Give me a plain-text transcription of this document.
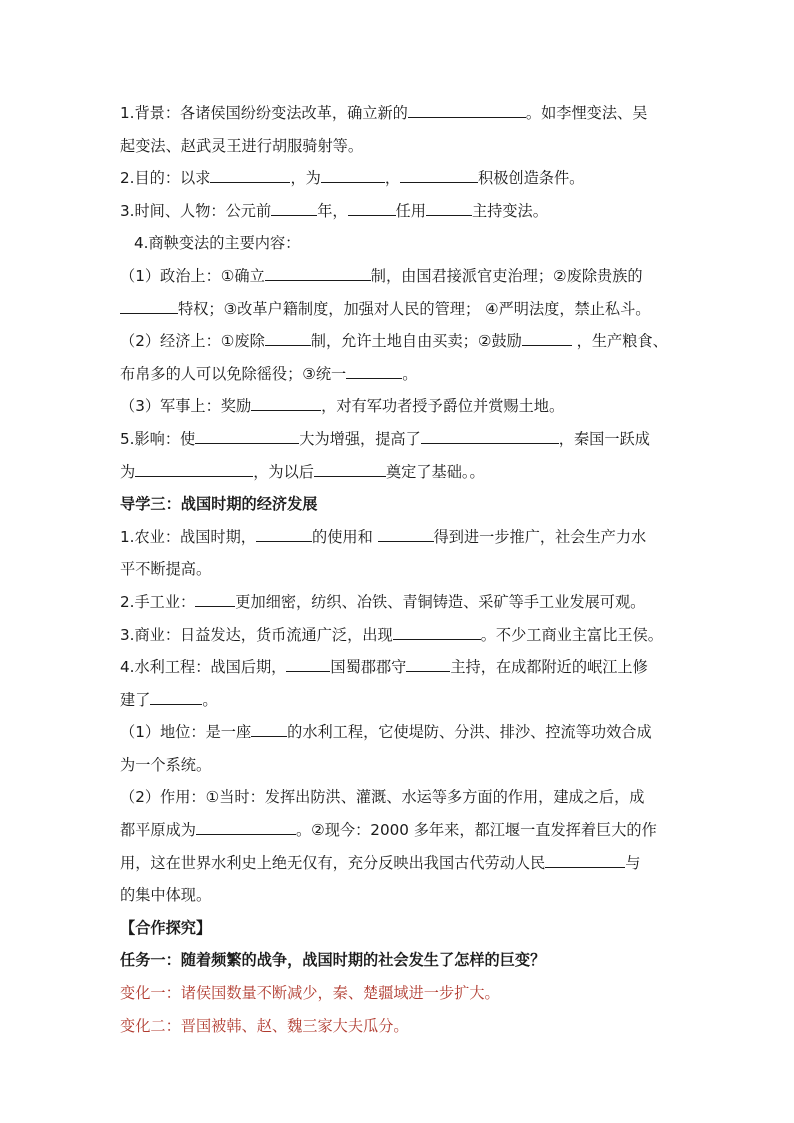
1.背景：各诸侯国纷纷变法改革，确立新的	。如李悝变法、吴
起变法、赵武灵王进行胡服骑射等。
2.目的：以求	，为	，	积极创造条件。
3.时间、人物：公元前	年，	任用	主持变法。
4.商鞅变法的主要内容：
（1）政治上：①确立	制，由国君接派官吏治理；②废除贵族的
特权；③改革户籍制度，加强对人民的管理； ④严明法度，禁止私斗。
（2）经济上：①废除	制，允许土地自由买卖；②鼓励	，生产粮食、
布帛多的人可以免除徭役；③统一	。
（3）军事上：奖励	，对有军功者授予爵位并赏赐土地。
5.影响：使	大为增强，提高了	，秦国一跃成
为	，为以后	奠定了基础。。
导学三：战国时期的经济发展
1.农业：战国时期，	的使用和	得到进一步推广，社会生产力水
平不断提高。
2.手工业：	更加细密，纺织、冶铁、青铜铸造、采矿等手工业发展可观。
3.商业：日益发达，货币流通广泛，出现	。不少工商业主富比王侯。
4.水利工程：战国后期，	国蜀郡郡守	主持，在成都附近的岷江上修
建了	。
（1）地位：是一座 的水利工程，它使堤防、分洪、排沙、控流等功效合成
为一个系统。
（2）作用：①当时：发挥出防洪、灌溉、水运等多方面的作用，建成之后，成
都平原成为	。②现今：2000 多年来，都江堰一直发挥着巨大的作
用，这在世界水利史上绝无仅有，充分反映出我国古代劳动人民	与
的集中体现。
【合作探究】
任务一：随着频繁的战争，战国时期的社会发生了怎样的巨变？
变化一：诸侯国数量不断减少，秦、楚疆域进一步扩大。
变化二：晋国被韩、赵、魏三家大夫瓜分。
